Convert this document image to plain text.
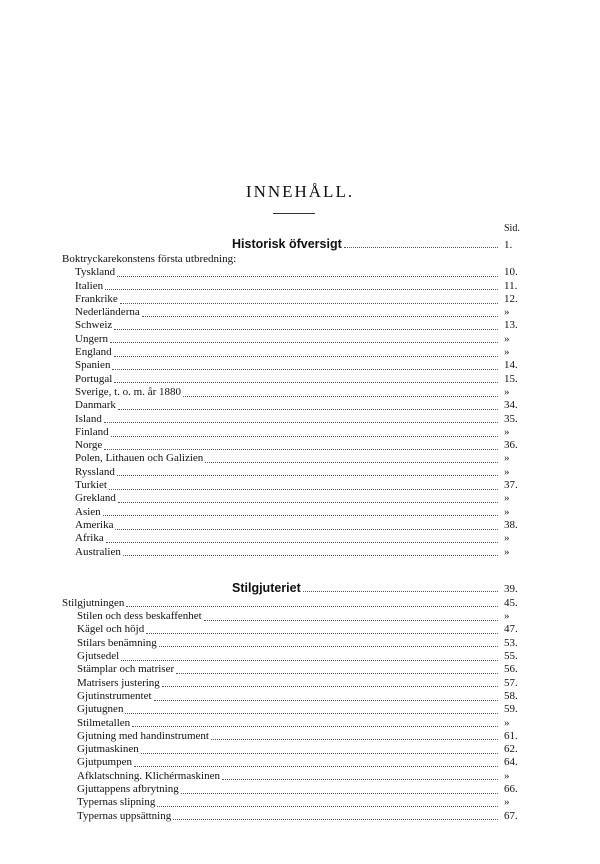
INNEHÅLL.
Sid.
Historisk öfversigt	1.
Boktryckarekonstens första utbredning:
Tyskland	10.
Italien	11.
Frankrike	12.
Nederländerna	»
Schweiz	13.
Ungern	»
England	»
Spanien	14.
Portugal	15.
Sverige, t. o. m. år 1880	»
Danmark	34.
Island	35.
Finland	»
Norge	36.
Polen, Lithauen och Galizien	»
Ryssland	»
Turkiet	37.
Grekland	»
Asien	»
Amerika	38.
Afrika	»
Australien	»
Stilgjuteriet	39.
Stilgjutningen	45.
Stilen och dess beskaffenhet	»
Kägel och höjd	47.
Stilars benämning	53.
Gjutsedel	55.
Stämplar och matriser	56.
Matrisers justering	57.
Gjutinstrumentet	58.
Gjutugnen	59.
Stilmetallen	»
Gjutning med handinstrument	61.
Gjutmaskinen	62.
Gjutpumpen	64.
Afklatschning. Klichérmaskinen	»
Gjuttappens afbrytning	66.
Typernas slipning	»
Typernas uppsättning	67.
